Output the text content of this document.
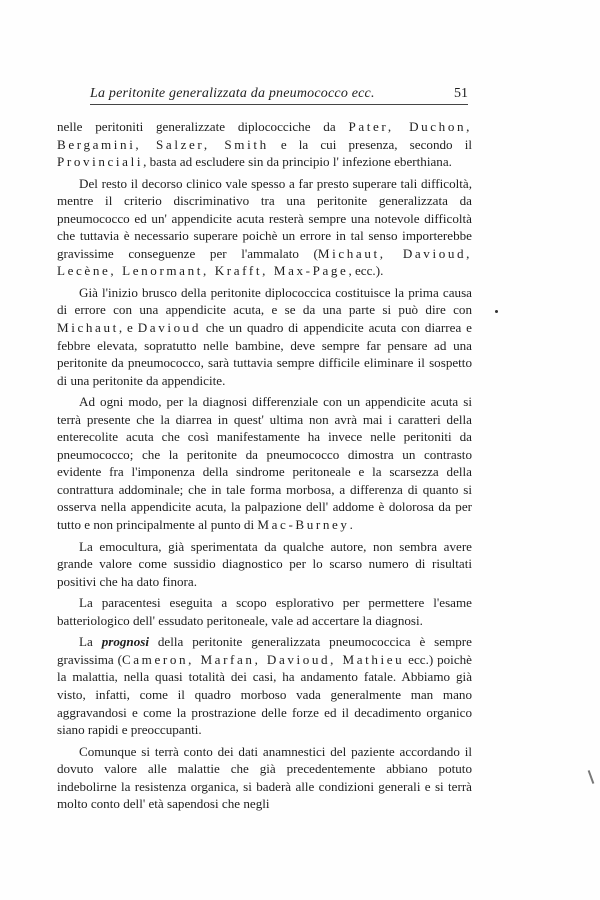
La peritonite generalizzata da pneumococco ecc.	51

nelle peritoniti generalizzate diplococciche da Pater, Duchon, Bergamini, Salzer, Smith e la cui presenza, secondo il Provinciali, basta ad escludere sin da principio l' infezione eberthiana.

Del resto il decorso clinico vale spesso a far presto superare tali difficoltà, mentre il criterio discriminativo tra una peritonite generalizzata da pneumococco ed un' appendicite acuta resterà sempre una notevole difficoltà che tuttavia è necessario superare poichè un errore in tal senso importerebbe gravissime conseguenze per l'ammalato (Michaut, Davioud, Lecène, Lenormant, Krafft, Max-Page, ecc.).

Già l'inizio brusco della peritonite diplococcica costituisce la prima causa di errore con una appendicite acuta, e se da una parte si può dire con Michaut, e Davioud che un quadro di appendicite acuta con diarrea e febbre elevata, sopratutto nelle bambine, deve sempre far pensare ad una peritonite da pneumococco, sarà tuttavia sempre difficile eliminare il sospetto di una peritonite da appendicite.

Ad ogni modo, per la diagnosi differenziale con un appendicite acuta si terrà presente che la diarrea in quest' ultima non avrà mai i caratteri della enterecolite acuta che così manifestamente ha invece nelle peritoniti da pneumococco; che la peritonite da pneumococco dimostra un contrasto evidente fra l'imponenza della sindrome peritoneale e la scarsezza della contrattura addominale; che in tale forma morbosa, a differenza di quanto si osserva nella appendicite acuta, la palpazione dell' addome è dolorosa da per tutto e non principalmente al punto di Mac-Burney.

La emocultura, già sperimentata da qualche autore, non sembra avere grande valore come sussidio diagnostico per lo scarso numero di risultati positivi che ha dato finora.

La paracentesi eseguita a scopo esplorativo per permettere l'esame batteriologico dell' essudato peritoneale, vale ad accertare la diagnosi.

La prognosi della peritonite generalizzata pneumococcica è sempre gravissima (Cameron, Marfan, Davioud, Mathieu ecc.) poichè la malattia, nella quasi totalità dei casi, ha andamento fatale. Abbiamo già visto, infatti, come il quadro morboso vada generalmente man mano aggravandosi e come la prostrazione delle forze ed il decadimento organico siano rapidi e preoccupanti.

Comunque si terrà conto dei dati anamnestici del paziente accordando il dovuto valore alle malattie che già precedentemente abbiano potuto indebolirne la resistenza organica, si baderà alle condizioni generali e si terrà molto conto dell' età sapendosi che negli
